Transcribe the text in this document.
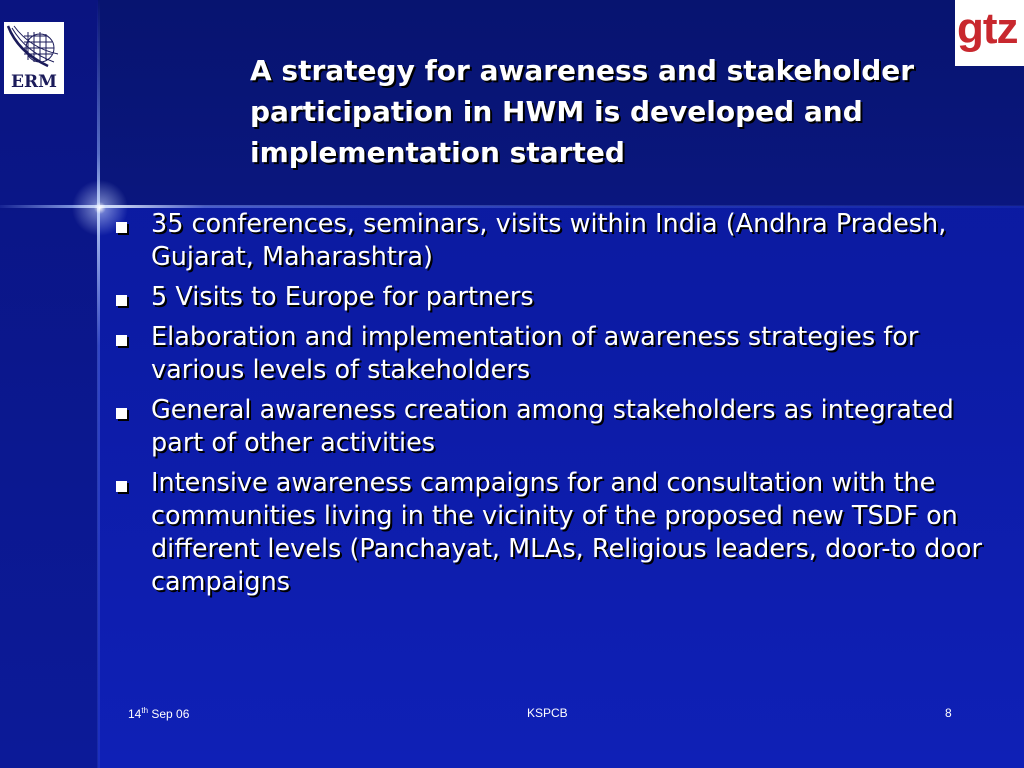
ERM
gtz
A strategy for awareness and stakeholder participation in HWM is developed and implementation started
35 conferences, seminars, visits within India (Andhra Pradesh, Gujarat, Maharashtra)
5 Visits to Europe for partners
Elaboration and implementation of awareness strategies for various levels of stakeholders
General awareness creation among stakeholders as integrated part of other activities
Intensive awareness campaigns for and consultation with the communities living in the vicinity of the proposed new TSDF on different levels (Panchayat, MLAs, Religious leaders, door-to door campaigns
14th Sep 06	KSPCB	8
